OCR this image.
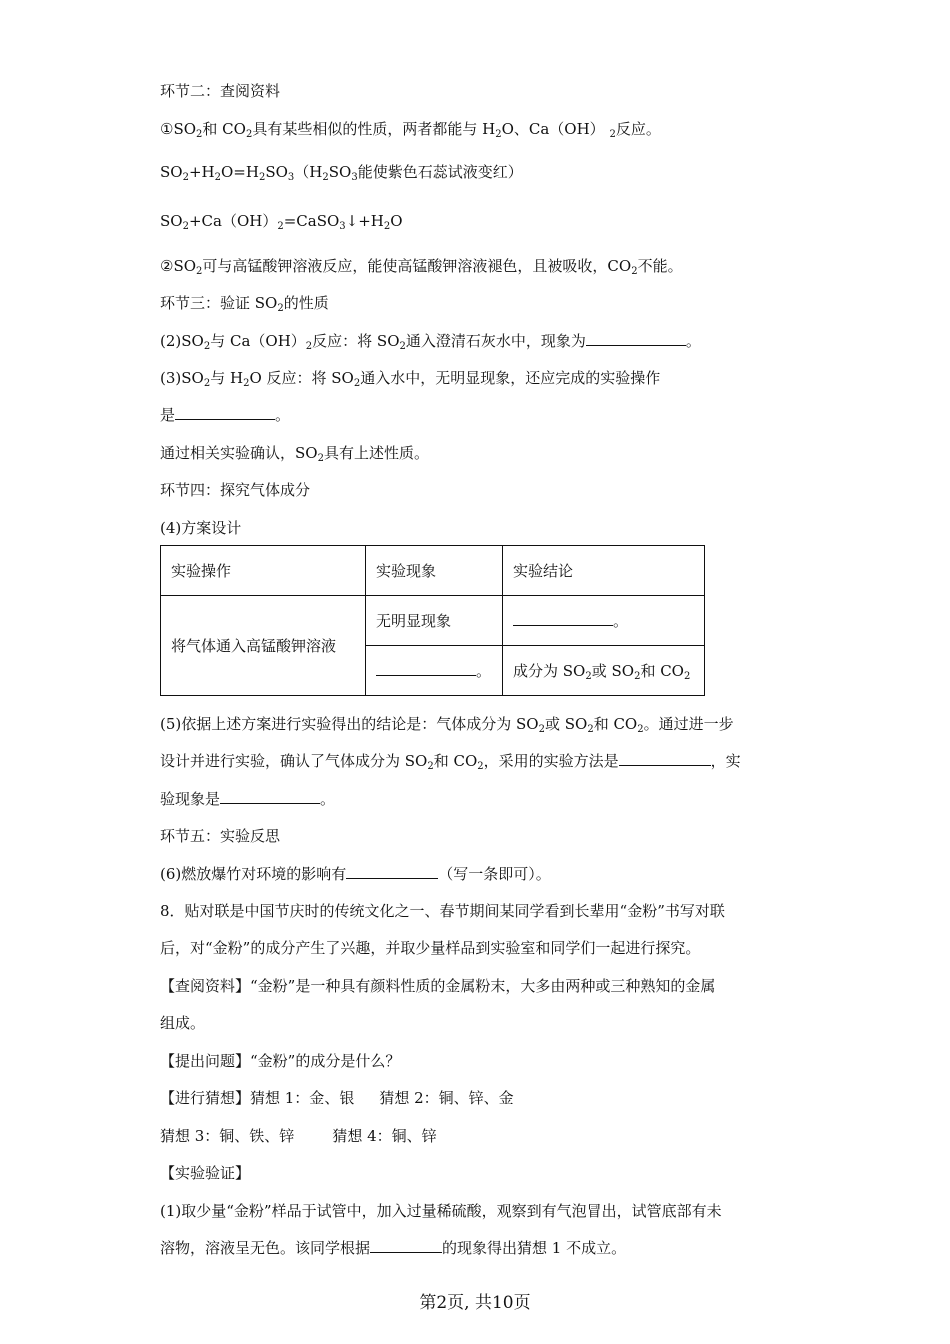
环节二：查阅资料
$①SO_2$和 $CO_2$具有某些相似的性质，两者都能与 $H_2O$、Ca（OH） $_2$反应。
$SO_2+H_2O=H_2SO_3(H_2SO_3$能使紫色石蕊试液变红）
$SO_2+Ca(OH)_2=CaSO_3↓+H_2O$
$②SO_2$可与高锰酸钾溶液反应，能使高锰酸钾溶液褪色，且被吸收，$CO_2$不能。
环节三：验证 $SO_2$的性质
$(2)SO_2$与 $Ca(OH)_2$反应：将 $SO_2$通入澄清石灰水中，现象为	。
$(3)SO_2$与 $H_2O$ 反应：将 $SO_2$通入水中，无明显现象，还应完成的实验操作
是	。
通过相关实验确认，$SO_2$具有上述性质。
环节四：探究气体成分
(4)方案设计
实验操作	实验现象	实验结论
将气体通入高锰酸钾溶液	无明显现象	。
	。	成分为 $SO_2$或 $SO_2$和 $CO_2$
(5)依据上述方案进行实验得出的结论是：气体成分为 $SO_2$或 $SO_2$和 $CO_2$。通过进一步
设计并进行实验，确认了气体成分为 $SO_2$和 $CO_2$，采用的实验方法是	，实
验现象是	。
环节五：实验反思
(6)燃放爆竹对环境的影响有	（写一条即可）。
8．贴对联是中国节庆时的传统文化之一、春节期间某同学看到长辈用“金粉”书写对联
后，对“金粉”的成分产生了兴趣，并取少量样品到实验室和同学们一起进行探究。
【查阅资料】“金粉”是一种具有颜料性质的金属粉末，大多由两种或三种熟知的金属
组成。
【提出问题】“金粉”的成分是什么？
【进行猜想】猜想 1：金、银 猜想 2：铜、锌、金
猜想 3：铜、铁、锌	猜想 4：铜、锌
【实验验证】
(1)取少量“金粉”样品于试管中，加入过量稀硫酸，观察到有气泡冒出，试管底部有未
溶物，溶液呈无色。该同学根据	的现象得出猜想 1 不成立。
第2页, 共10页
